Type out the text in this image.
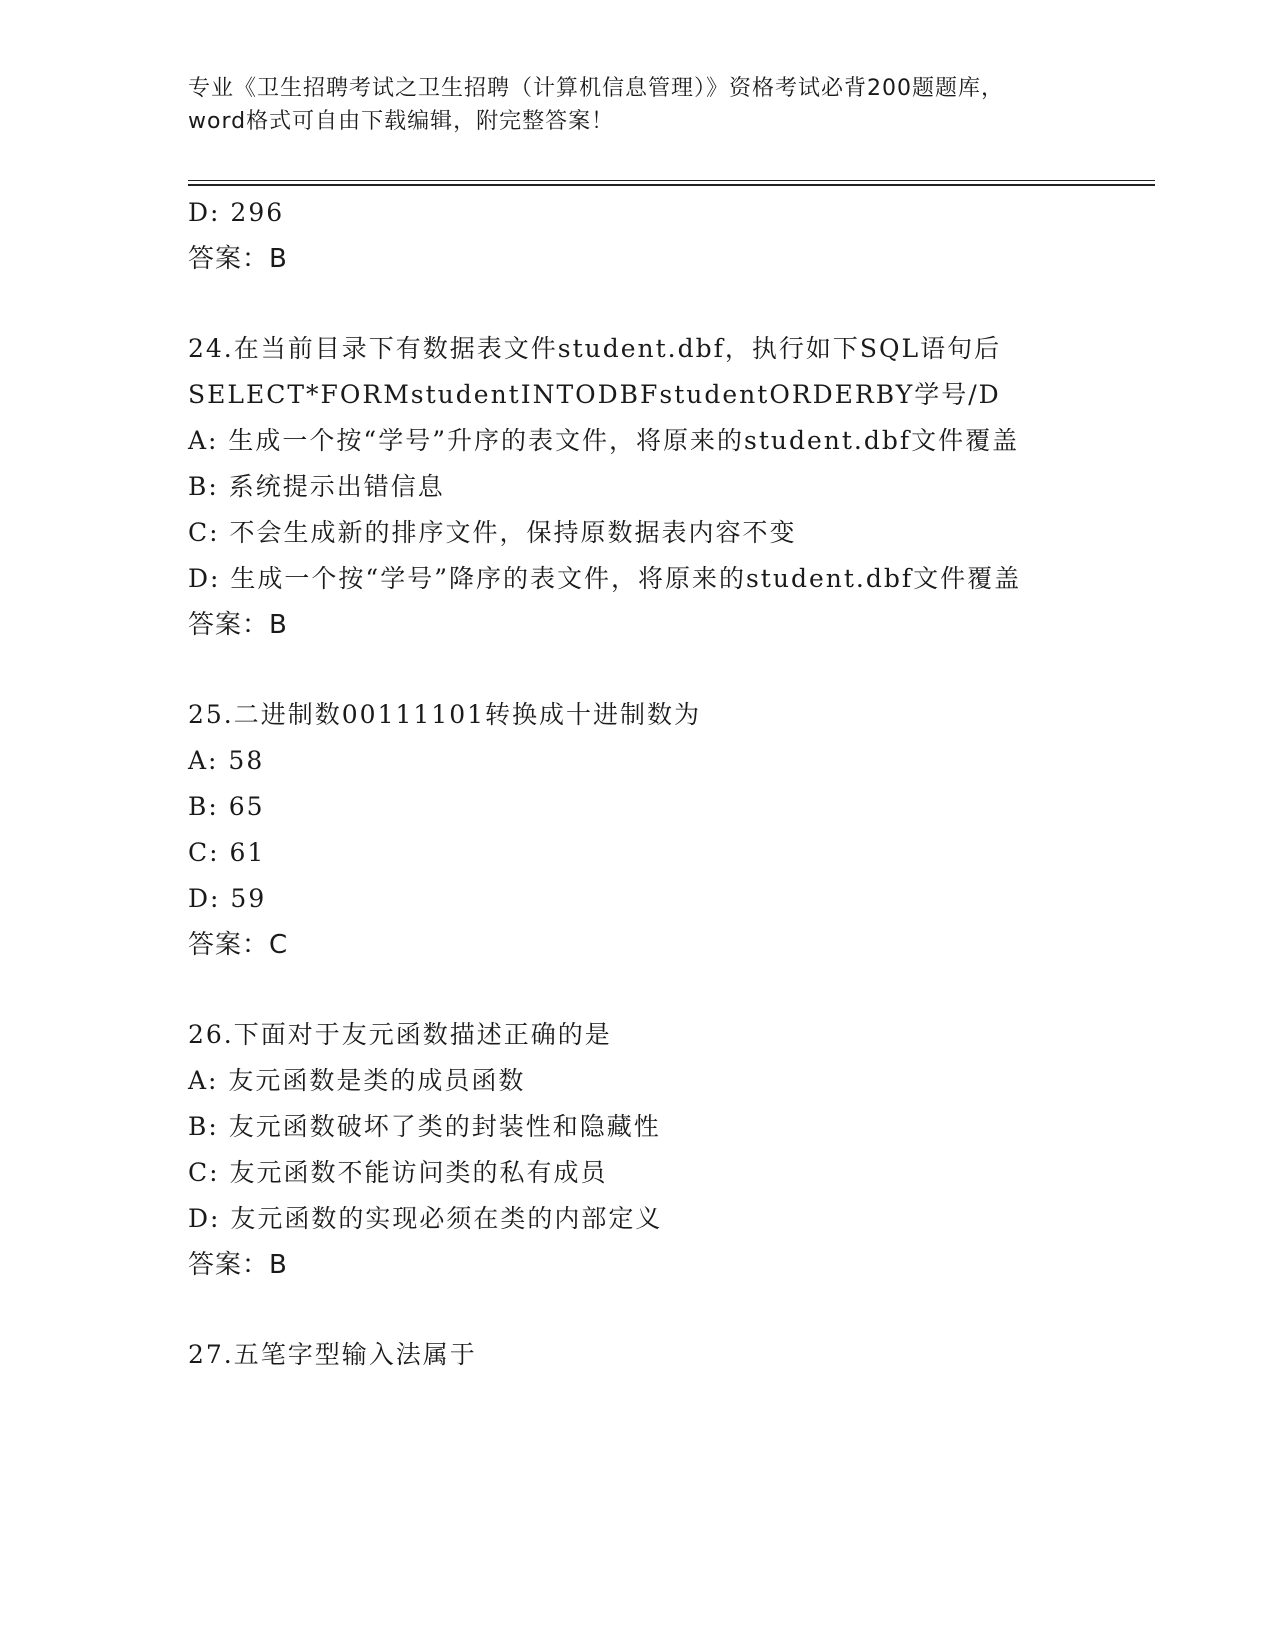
专业《卫生招聘考试之卫生招聘（计算机信息管理）》资格考试必背200题题库，
word格式可自由下载编辑，附完整答案！
D: 296
答案：B
24.在当前目录下有数据表文件student.dbf，执行如下SQL语句后
SELECT*FORMstudentINTODBFstudentORDERBY学号/D
A: 生成一个按“学号”升序的表文件，将原来的student.dbf文件覆盖
B: 系统提示出错信息
C: 不会生成新的排序文件，保持原数据表内容不变
D: 生成一个按“学号”降序的表文件，将原来的student.dbf文件覆盖
答案：B
25.二进制数00111101转换成十进制数为
A: 58
B: 65
C: 61
D: 59
答案：C
26.下面对于友元函数描述正确的是
A: 友元函数是类的成员函数
B: 友元函数破坏了类的封装性和隐藏性
C: 友元函数不能访问类的私有成员
D: 友元函数的实现必须在类的内部定义
答案：B
27.五笔字型输入法属于
